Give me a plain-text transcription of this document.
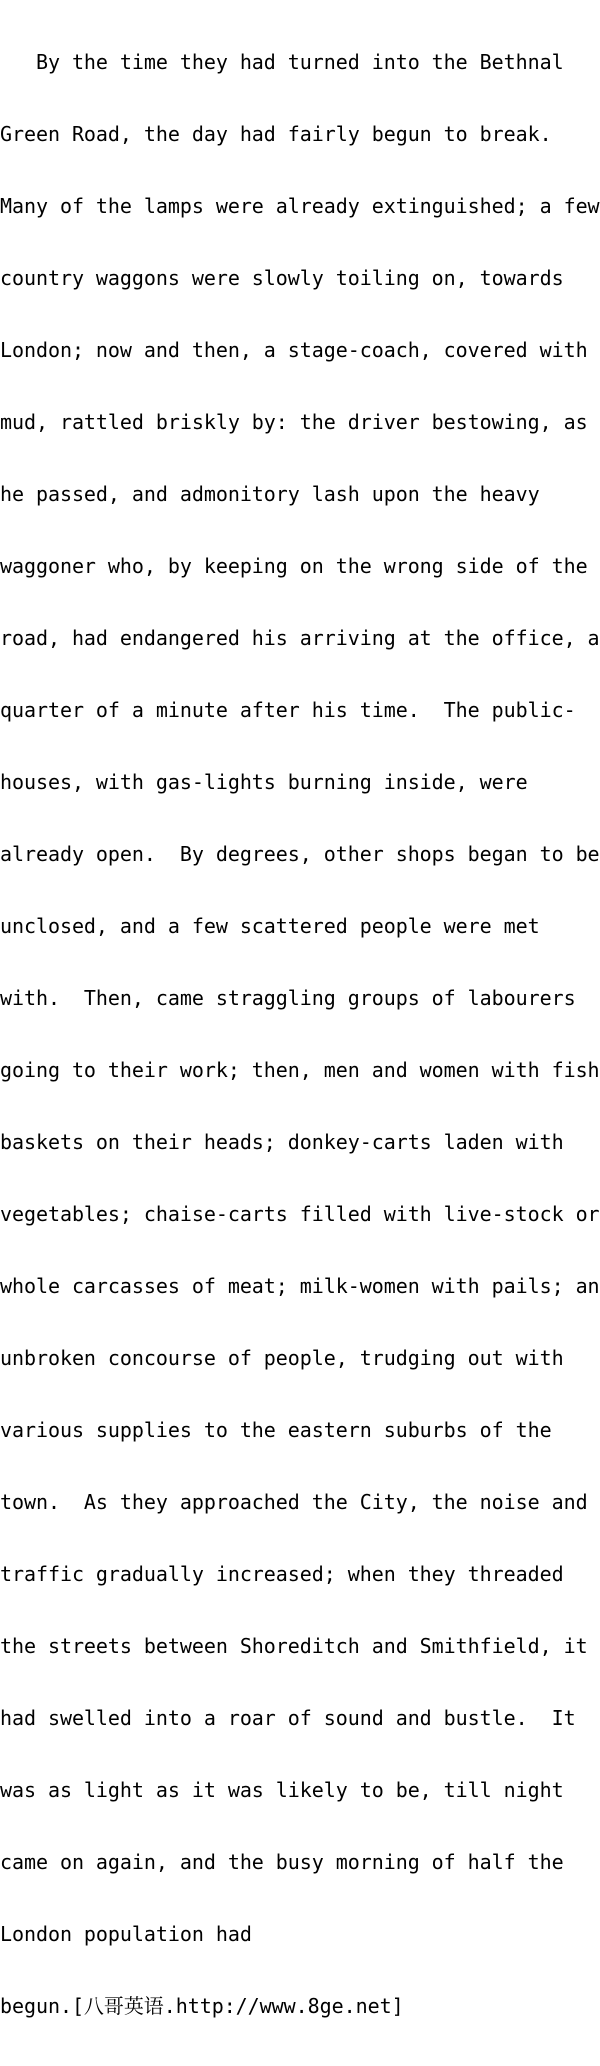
By the time they had turned into the Bethnal

Green Road, the day had fairly begun to break.

Many of the lamps were already extinguished; a few

country waggons were slowly toiling on, towards

London; now and then, a stage-coach, covered with

mud, rattled briskly by: the driver bestowing, as

he passed, and admonitory lash upon the heavy

waggoner who, by keeping on the wrong side of the

road, had endangered his arriving at the office, a

quarter of a minute after his time.  The public-

houses, with gas-lights burning inside, were

already open.  By degrees, other shops began to be

unclosed, and a few scattered people were met

with.  Then, came straggling groups of labourers

going to their work; then, men and women with fish

baskets on their heads; donkey-carts laden with

vegetables; chaise-carts filled with live-stock or

whole carcasses of meat; milk-women with pails; an

unbroken concourse of people, trudging out with

various supplies to the eastern suburbs of the

town.  As they approached the City, the noise and

traffic gradually increased; when they threaded

the streets between Shoreditch and Smithfield, it

had swelled into a roar of sound and bustle.  It

was as light as it was likely to be, till night

came on again, and the busy morning of half the

London population had

begun.[八哥英语.http://www.8ge.net]
